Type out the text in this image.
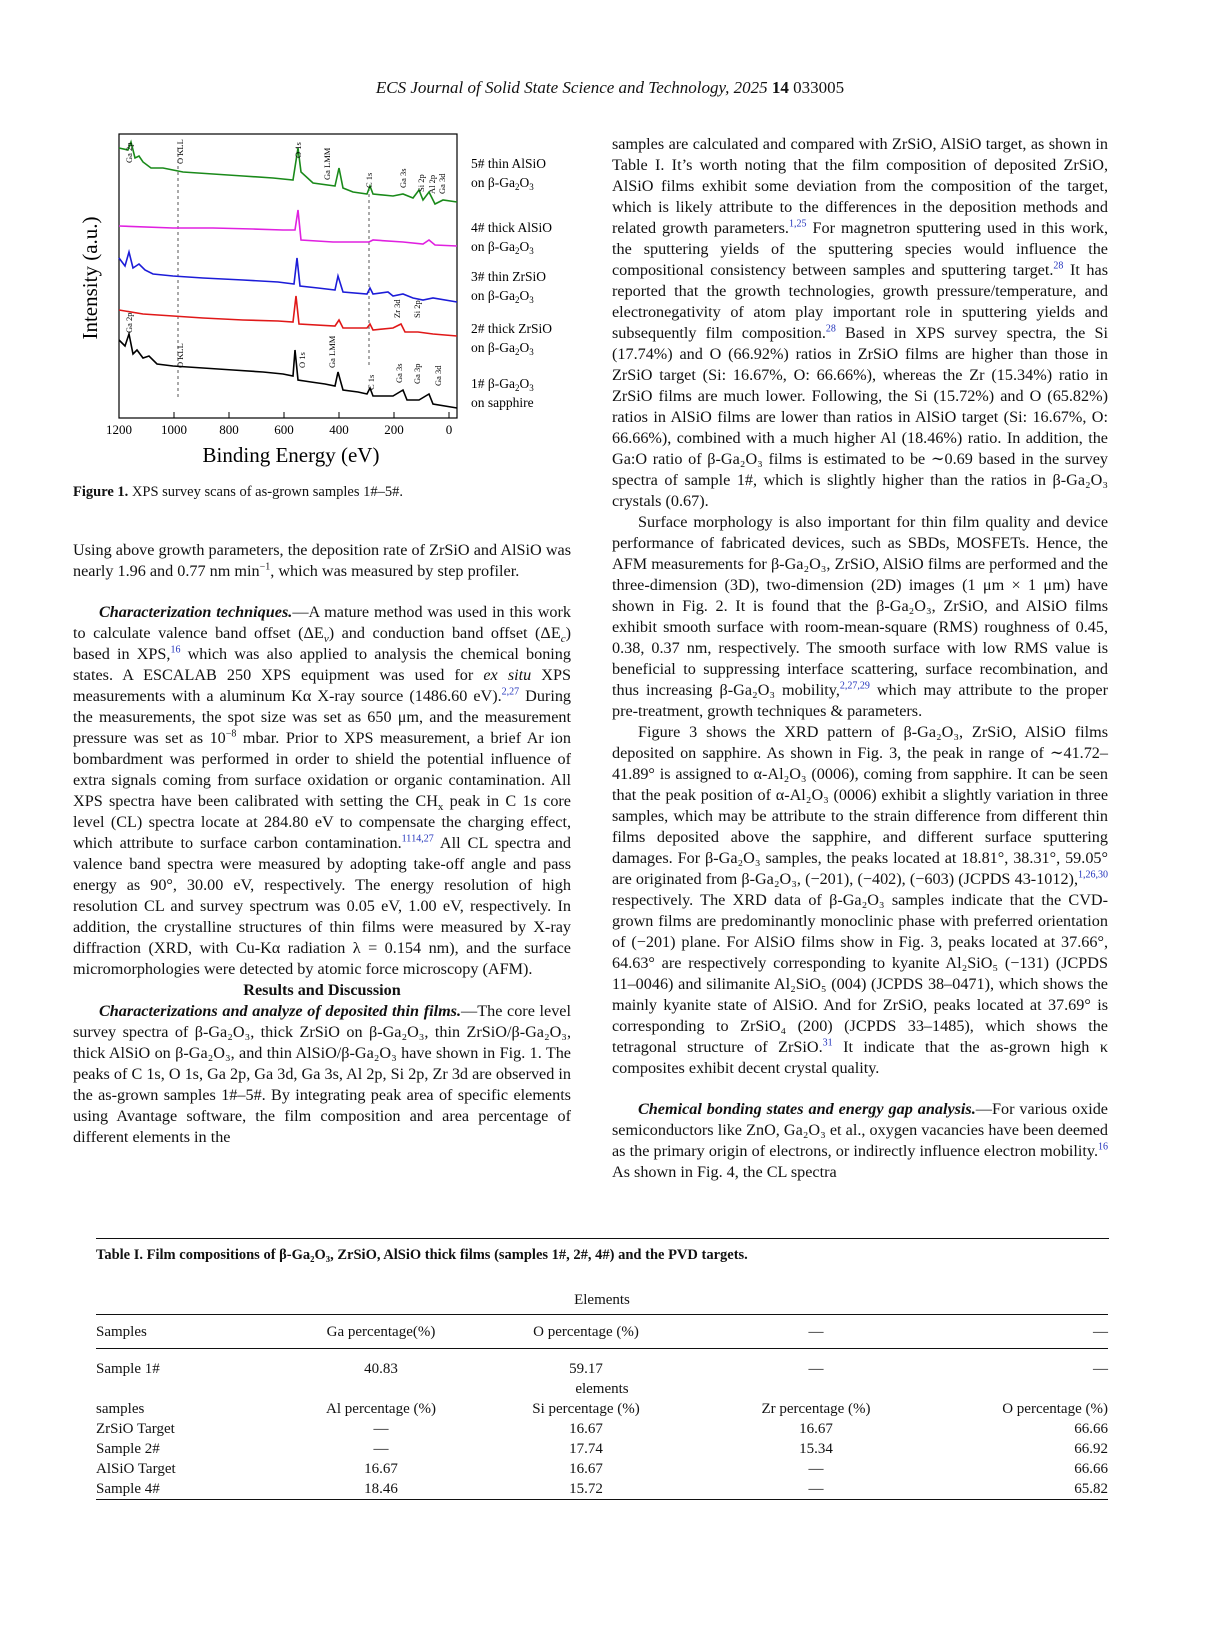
ECS Journal of Solid State Science and Technology, 2025 14 033005
1200 1000 800	600	400	200	0
Binding Energy (eV)
Intensity (a.u.)
Ga 2p	O KLL	O 1s Ga LMM
C 1s	Ga 3s Si 2p Al 2p Ga 3d
Ga 2p
O KLL	O 1s Ga LMM
C 1s Ga 3s Ga 3p Ga 3d
Zr 3d Si 2p
5# thin AlSiO
on $\beta-Ga_2O_3$
4# thick AlSiO
on $\beta-Ga_2O_3$
3# thin ZrSiO
on $\beta-Ga_2O_3$
2# thick ZrSiO
on $\beta-Ga_2O_3$
1# $\beta-Ga_2O_3$
on sapphire
Figure 1. XPS survey scans of as-grown samples 1#–5#.

Using above growth parameters, the deposition rate of ZrSiO and AlSiO was nearly 1.96 and 0.77 nm $\min^{-1}$, which was measured by step profiler.

Characterization techniques.—A mature method was used in this work to calculate valence band offset $(\Delta E_v)$ and conduction band offset $(\Delta E_c)$ based in XPS,$^{16}$ which was also applied to analysis the chemical boning states. A ESCALAB 250 XPS equipment was used for ex situ XPS measurements with a aluminum Kα X-ray source (1486.60 eV).$^{2,27}$ During the measurements, the spot size was set as 650 μm, and the measurement pressure was set as $10^{-8}$ mbar. Prior to XPS measurement, a brief Ar ion bombardment was performed in order to shield the potential influence of extra signals coming from surface oxidation or organic contamination. All XPS spectra have been calibrated with setting the $CH_x$ peak in C 1s core level (CL) spectra locate at 284.80 eV to compensate the charging effect, which attribute to surface carbon contamination.$^{1114,27}$ All CL spectra and valence band spectra were measured by adopting take-off angle and pass energy as 90°, 30.00 eV, respectively. The energy resolution of high resolution CL and survey spectrum was 0.05 eV, 1.00 eV, respectively. In addition, the crystalline structures of thin films were measured by X-ray diffraction (XRD, with Cu-Kα radiation λ = 0.154 nm), and the surface micromorphologies were detected by atomic force microscopy (AFM).

Results and Discussion

Characterizations and analyze of deposited thin films.—The core level survey spectra of β-Ga₂O₃, thick ZrSiO on β-Ga₂O₃, thin ZrSiO/β-Ga₂O₃, thick AlSiO on β-Ga₂O₃, and thin AlSiO/β-Ga₂O₃ have shown in Fig. 1. The peaks of C 1s, O 1s, Ga 2p, Ga 3d, Ga 3s, Al 2p, Si 2p, Zr 3d are observed in the as-grown samples 1#–5#. By integrating peak area of specific elements using Avantage software, the film composition and area percentage of different elements in the

samples are calculated and compared with ZrSiO, AlSiO target, as shown in Table I. It’s worth noting that the film composition of deposited ZrSiO, AlSiO films exhibit some deviation from the composition of the target, which is likely attribute to the differences in the deposition methods and related growth parameters.$^{1,25}$ For magnetron sputtering used in this work, the sputtering yields of the sputtering species would influence the compositional consistency between samples and sputtering target.$^{28}$ It has reported that the growth technologies, growth pressure/temperature, and electronegativity of atom play important role in sputtering yields and subsequently film composition.$^{28}$ Based in XPS survey spectra, the Si (17.74%) and O (66.92%) ratios in ZrSiO films are higher than those in ZrSiO target (Si: 16.67%, O: 66.66%), whereas the Zr (15.34%) ratio in ZrSiO films are much lower. Following, the Si (15.72%) and O (65.82%) ratios in AlSiO films are lower than ratios in AlSiO target (Si: 16.67%, O: 66.66%), combined with a much higher Al (18.46%) ratio. In addition, the Ga:O ratio of β-Ga₂O₃ films is estimated to be ∼0.69 based in the survey spectra of sample 1#, which is slightly higher than the ratios in β-Ga₂O₃ crystals (0.67).

Surface morphology is also important for thin film quality and device performance of fabricated devices, such as SBDs, MOSFETs. Hence, the AFM measurements for β-Ga₂O₃, ZrSiO, AlSiO films are performed and the three-dimension (3D), two-dimension (2D) images (1 μm × 1 μm) have shown in Fig. 2. It is found that the β-Ga₂O₃, ZrSiO, and AlSiO films exhibit smooth surface with room-mean-square (RMS) roughness of 0.45, 0.38, 0.37 nm, respectively. The smooth surface with low RMS value is beneficial to suppressing interface scattering, surface recombination, and thus increasing β-Ga₂O₃ mobility,$^{2,27,29}$ which may attribute to the proper pre-treatment, growth techniques & parameters.

Figure 3 shows the XRD pattern of β-Ga₂O₃, ZrSiO, AlSiO films deposited on sapphire. As shown in Fig. 3, the peak in range of ∼41.72–41.89° is assigned to α-Al₂O₃ (0006), coming from sapphire. It can be seen that the peak position of α-Al₂O₃ (0006) exhibit a slightly variation in three samples, which may be attribute to the strain difference from different thin films deposited above the sapphire, and different surface sputtering damages. For β-Ga₂O₃ samples, the peaks located at 18.81°, 38.31°, 59.05° are originated from β-Ga₂O₃, (−201), (−402), (−603) (JCPDS 43-1012),$^{1,26,30}$ respectively. The XRD data of β-Ga₂O₃ samples indicate that the CVD-grown films are predominantly monoclinic phase with preferred orientation of (−201) plane. For AlSiO films show in Fig. 3, peaks located at 37.66°, 64.63° are respectively corresponding to kyanite Al₂SiO₅ (−131) (JCPDS 11–0046) and silimanite Al₂SiO₅ (004) (JCPDS 38–0471), which shows the mainly kyanite state of AlSiO. And for ZrSiO, peaks located at 37.69° is corresponding to ZrSiO₄ (200) (JCPDS 33–1485), which shows the tetragonal structure of ZrSiO.$^{31}$ It indicate that the as-grown high κ composites exhibit decent crystal quality.

Chemical bonding states and energy gap analysis.—For various oxide semiconductors like ZnO, Ga₂O₃ et al., oxygen vacancies have been deemed as the primary origin of electrons, or indirectly influence electron mobility.$^{16}$ As shown in Fig. 4, the CL spectra

Table I. Film compositions of β-Ga₂O₃, ZrSiO, AlSiO thick films (samples 1#, 2#, 4#) and the PVD targets.
Elements				
Samples	Ga percentage(%)	O percentage (%)	—	—
Sample 1#	40.83	59.17	—	—
elements				
samples	Al percentage (%)	Si percentage (%)	Zr percentage (%)	O percentage (%)
ZrSiO Target	—	16.67	16.67	66.66
Sample 2#	—	17.74	15.34	66.92
AlSiO Target	16.67	16.67	—	66.66
Sample 4#	18.46	15.72	—	65.82
